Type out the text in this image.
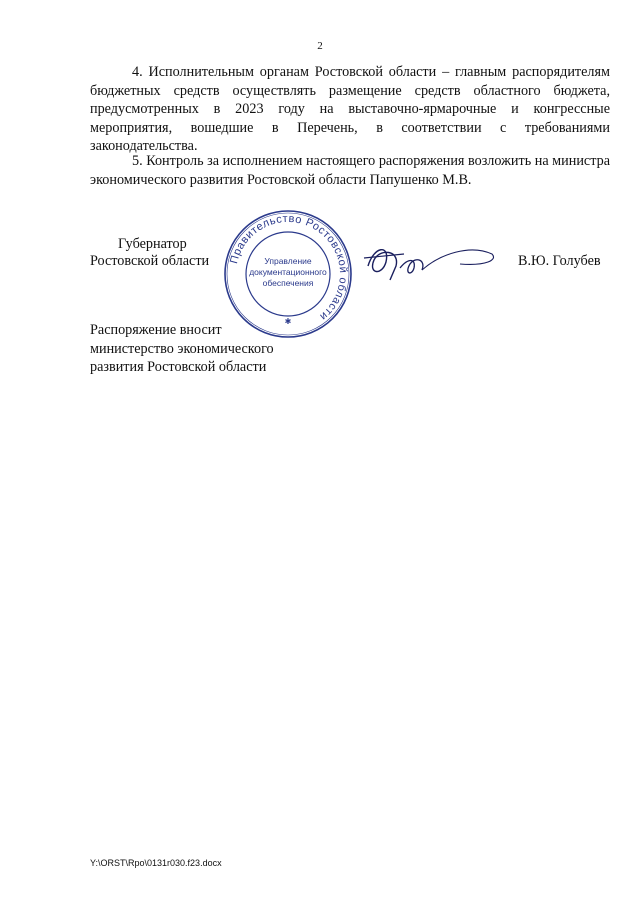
2
4. Исполнительным органам Ростовской области – главным распорядителям бюджетных средств осуществлять размещение средств областного бюджета, предусмотренных в 2023 году на выставочно-ярмарочные и конгрессные мероприятия, вошедшие в Перечень, в соответствии с требованиями законодательства.
5. Контроль за исполнением настоящего распоряжения возложить на министра экономического развития Ростовской области Папушенко М.В.
Губернатор
Ростовской области Правительство Ростовской области
Управление
документационного
обеспечения
✱
В.Ю. Голубев
Распоряжение вносит
министерство экономического
развития Ростовской области
Y:\ORST\Rpo\0131r030.f23.docx
